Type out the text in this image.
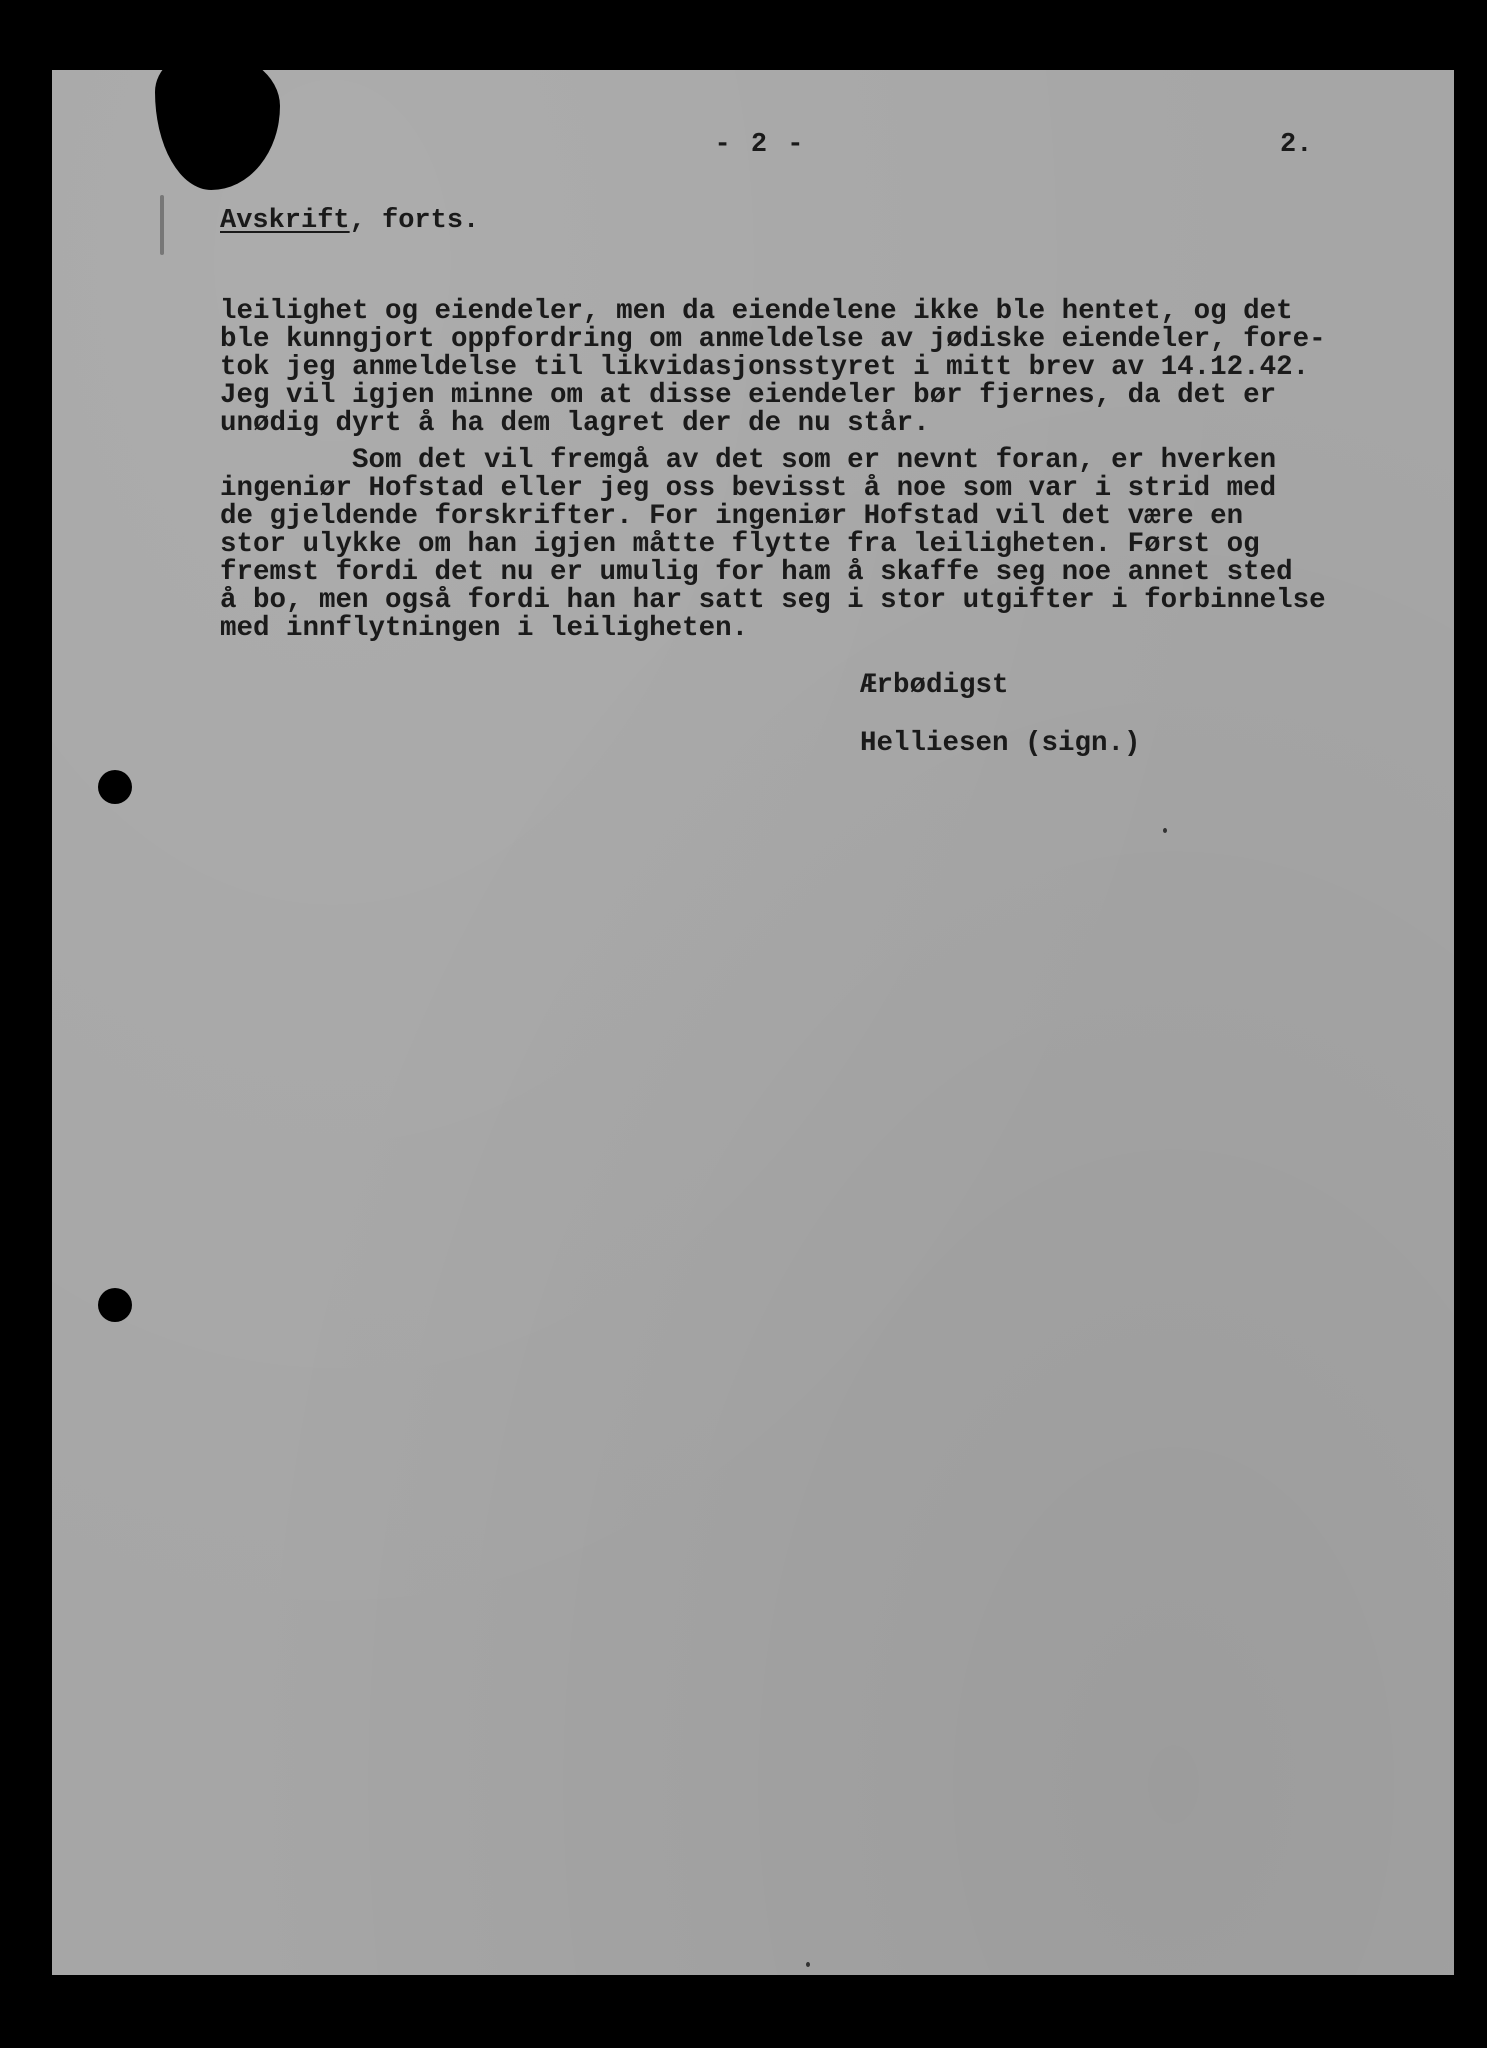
- 2 -	2.
Avskrift, forts.
leilighet og eiendeler, men da eiendelene ikke ble hentet, og det
ble kunngjort oppfordring om anmeldelse av jødiske eiendeler, fore-
tok jeg anmeldelse til likvidasjonsstyret i mitt brev av 14.12.42.
Jeg vil igjen minne om at disse eiendeler bør fjernes, da det er
unødig dyrt å ha dem lagret der de nu står.
Som det vil fremgå av det som er nevnt foran, er hverken
ingeniør Hofstad eller jeg oss bevisst å noe som var i strid med
de gjeldende forskrifter. For ingeniør Hofstad vil det være en
stor ulykke om han igjen måtte flytte fra leiligheten. Først og
fremst fordi det nu er umulig for ham å skaffe seg noe annet sted
å bo, men også fordi han har satt seg i stor utgifter i forbinnelse
med innflytningen i leiligheten.
Ærbødigst
Helliesen (sign.)
